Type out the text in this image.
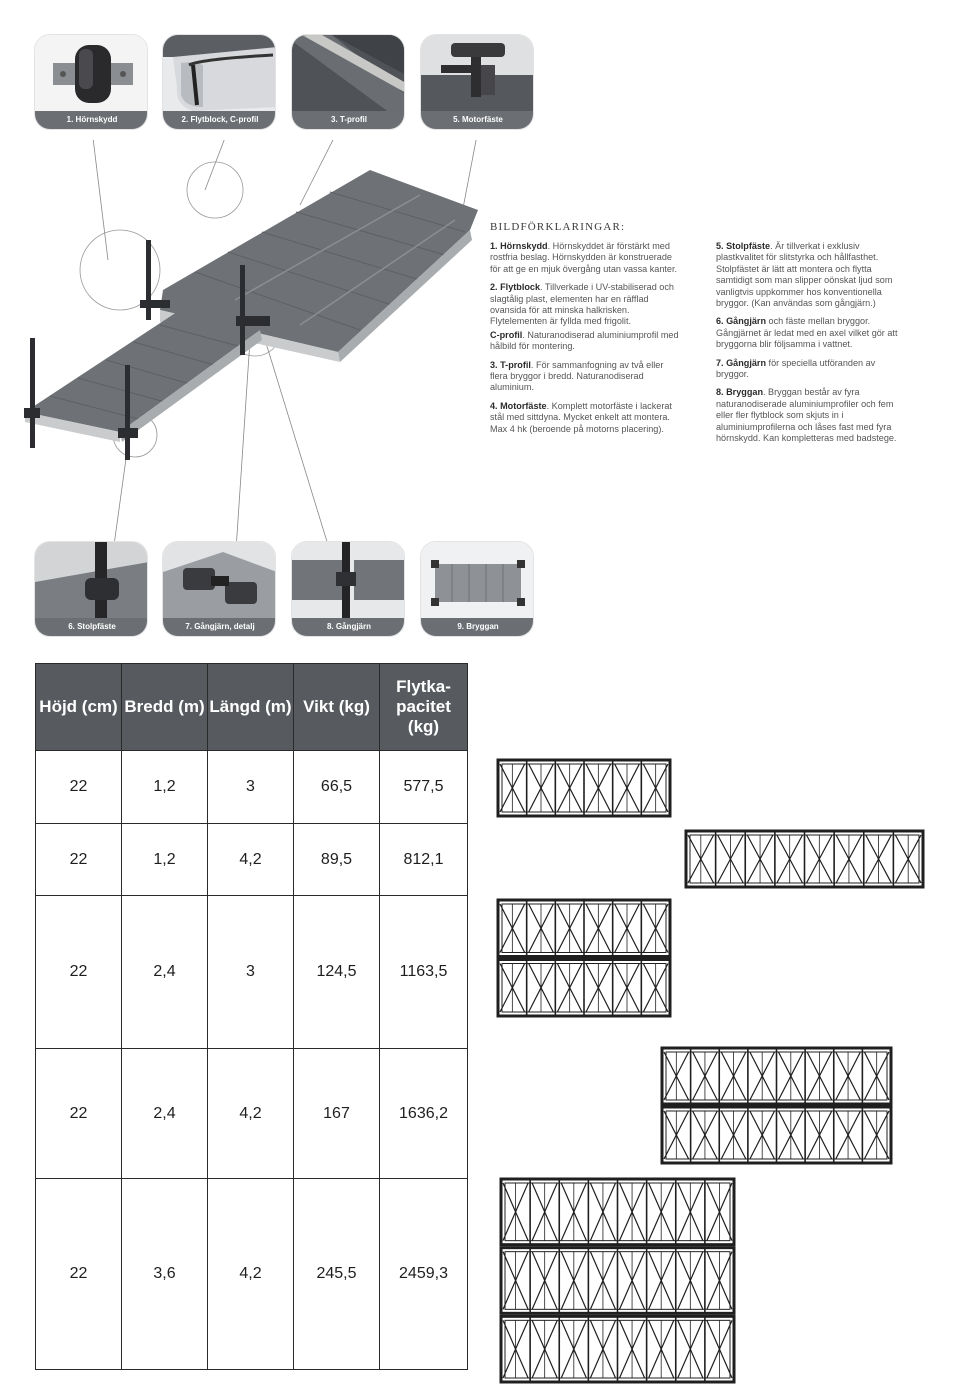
1. Hörnskydd	2. Flytblock, C-profil	3. T-profil	5. Motorfäste
BILDFÖRKLARINGAR:

1. Hörnskydd. Hörnskyddet är förstärkt med rostfria beslag. Hörnskydden är konstruerade för att ge en mjuk övergång utan vassa kanter.

2. Flytblock. Tillverkade i UV-stabiliserad och slagtålig plast, elementen har en räfflad ovansida för att minska halkrisken. Flytelementen är fyllda med frigolit.

C-profil. Naturanodiserad aluminiumprofil med hålbild för montering.

3. T-profil. För sammanfogning av två eller flera bryggor i bredd. Naturanodiserad aluminium.

4. Motorfäste. Komplett motorfäste i lackerat stål med sittdyna. Mycket enkelt att montera. Max 4 hk (beroende på motorns placering).

5. Stolpfäste. Är tillverkat i exklusiv plastkvalitet för slitstyrka och hållfasthet. Stolpfästet är lätt att montera och flytta samtidigt som man slipper oönskat ljud som vanligtvis uppkommer hos konventionella bryggor. (Kan användas som gångjärn.)

6. Gångjärn och fäste mellan bryggor. Gångjärnet är ledat med en axel vilket gör att bryggorna blir följsamma i vattnet.

7. Gångjärn för speciella utföranden av bryggor.

8. Bryggan. Bryggan består av fyra naturanodiserade aluminiumprofiler och fem eller fler flytblock som skjuts in i aluminiumprofilerna och låses fast med fyra hörnskydd. Kan kompletteras med badstege.

6. Stolpfäste	7. Gångjärn, detalj	8. Gångjärn	9. Bryggan
Höjd (cm)	Bredd (m)	Längd (m)	Vikt (kg)	Flytka-pacitet (kg)
22	1,2	3	66,5	577,5
22	1,2	4,2	89,5	812,1
22	2,4	3	124,5	1163,5
22	2,4	4,2	167	1636,2
22	3,6	4,2	245,5	2459,3
